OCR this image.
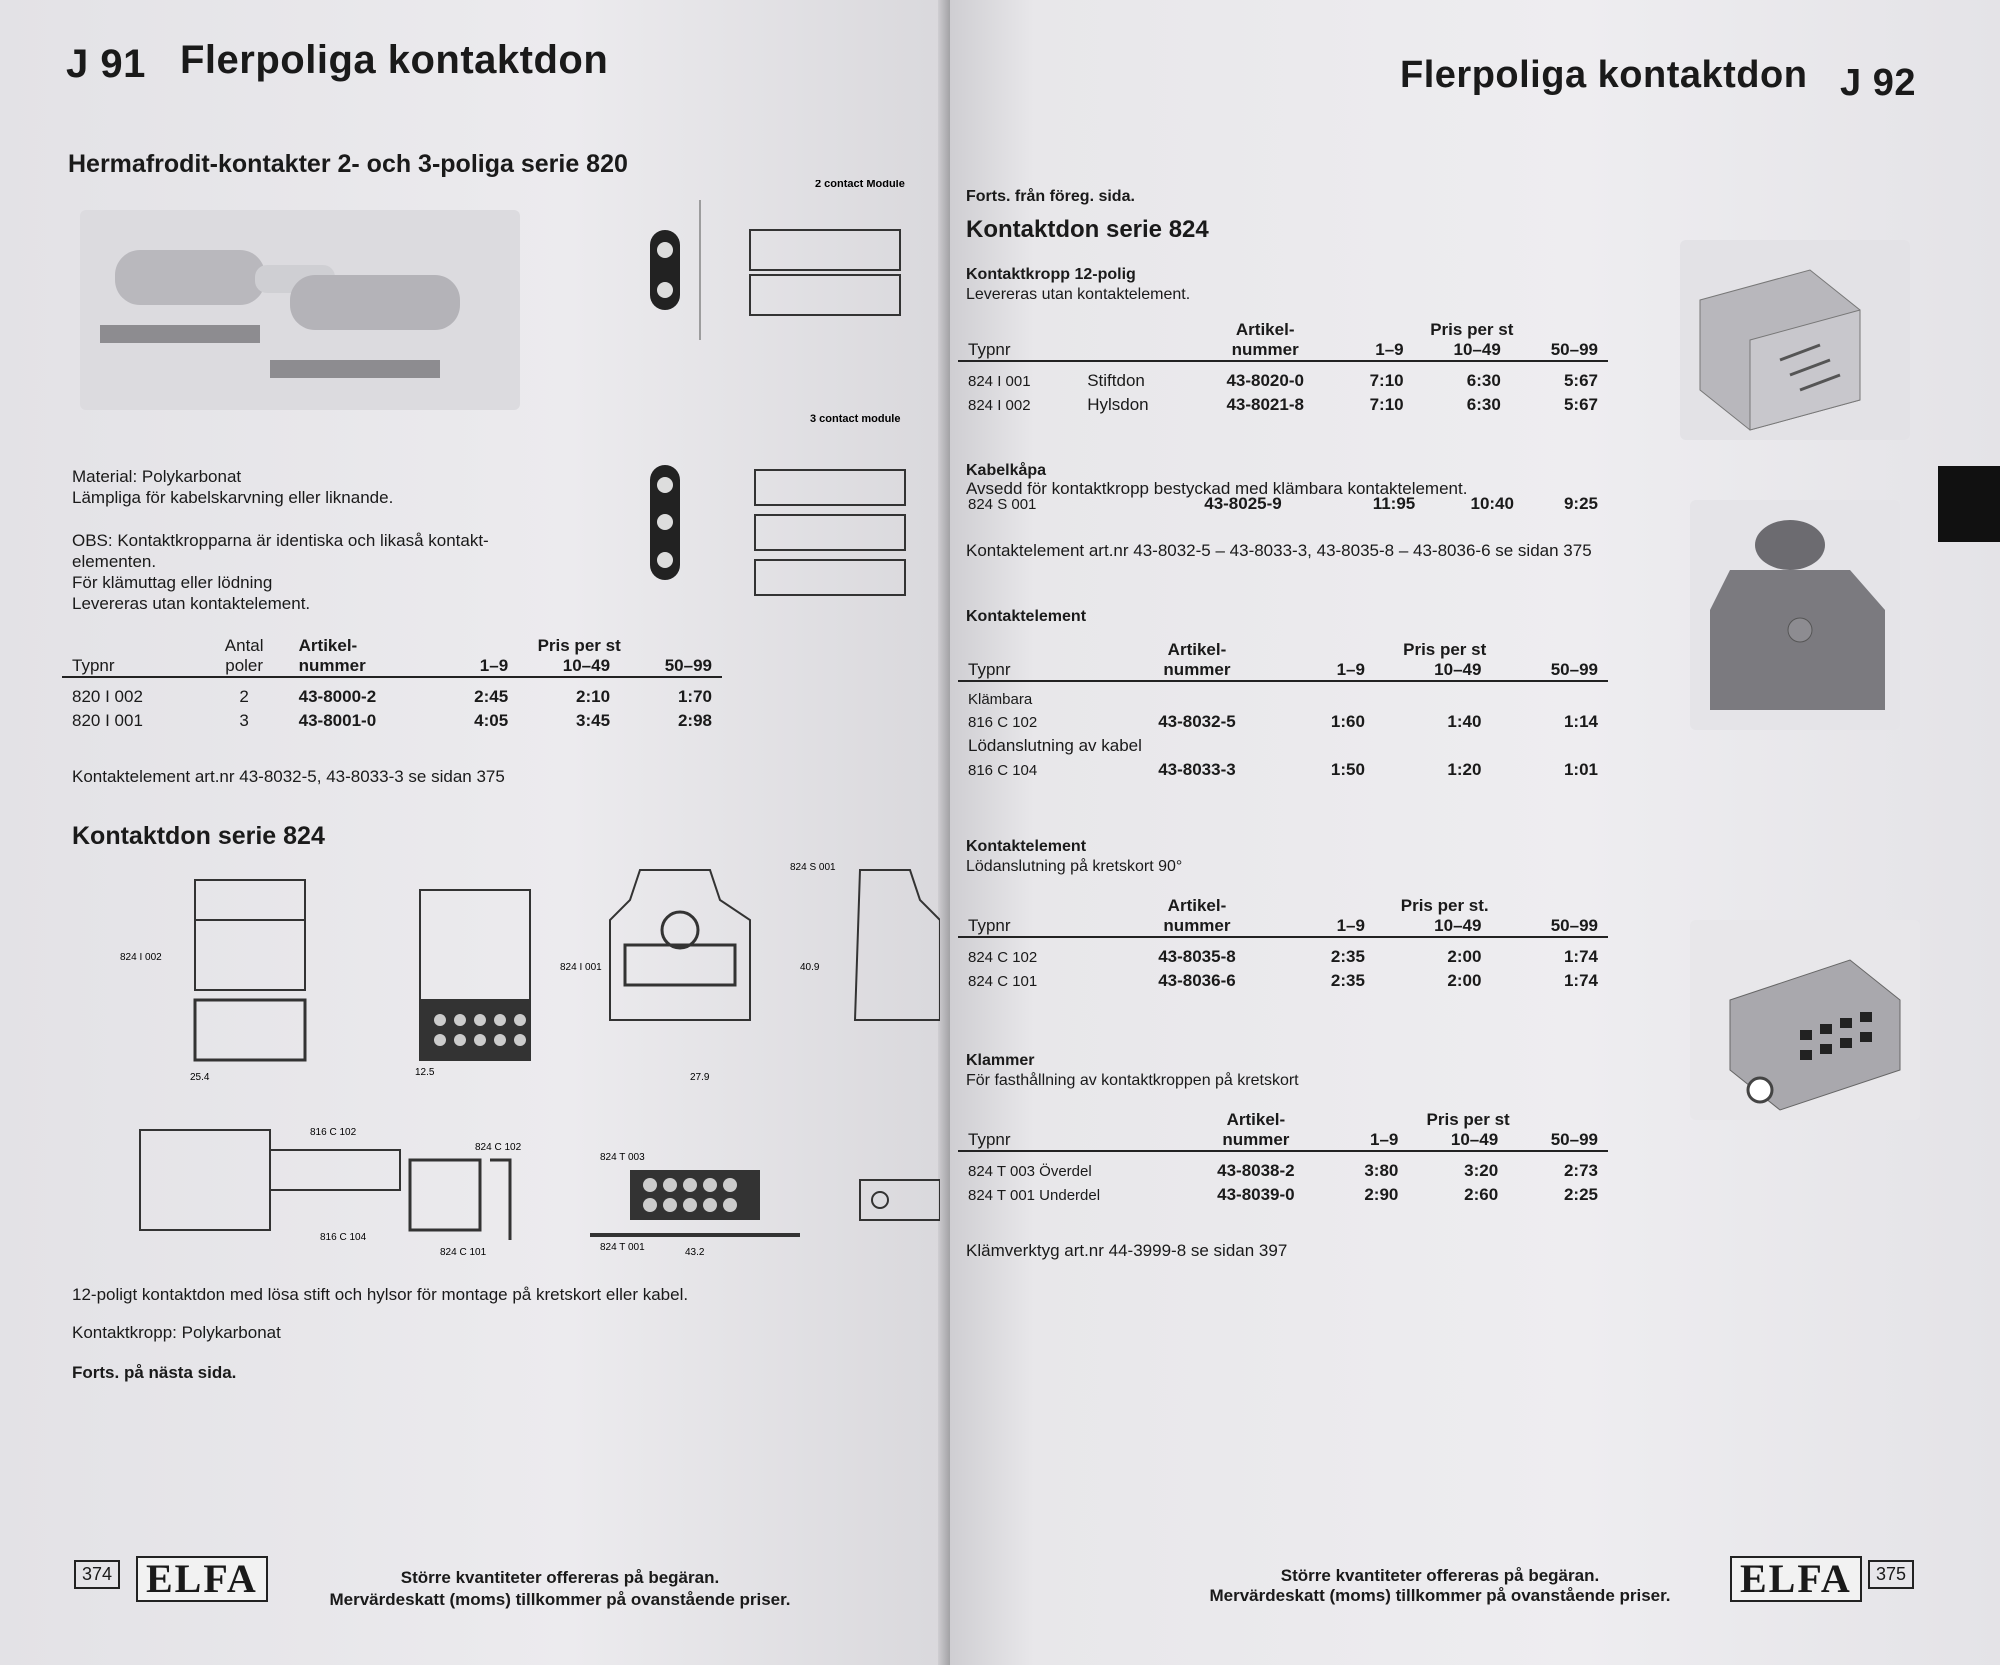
J 91 Flerpoliga kontaktdon
Hermafrodit-kontakter 2- och 3-poliga serie 820
2 contact Module
3 contact module
Material: Polykarbonat
Lämpliga för kabelskarvning eller liknande.
OBS: Kontaktkropparna är identiska och likaså kontakt-
elementen.
För klämuttag eller lödning
Levereras utan kontaktelement.
Typnr	Antal	Artikel-	Pris per st		
	poler	nummer	1–9	10–49	50–99

820 I 002	2	43-8000-2	2:45	2:10	1:70
820 I 001	3	43-8001-0	4:05	3:45	2:98
Kontaktelement art.nr 43-8032-5, 43-8033-3 se sidan 375
Kontaktdon serie 824
824 I 002
25.4
824 I 001
12.5
824 S 001
27.9
40.9
816 C 102
816 C 104
824 C 102
824 C 101
824 T 003
824 T 001	43.2
12-poligt kontaktdon med lösa stift och hylsor för montage på kretskort eller kabel.
Kontaktkropp: Polykarbonat
Forts. på nästa sida.
374 ELFA	Större kvantiteter offereras på begäran.
Mervärdeskatt (moms) tillkommer på ovanstående priser.
Flerpoliga kontaktdon J 92
Forts. från föreg. sida.
Kontaktdon serie 824
Kontaktkropp 12-polig
Levereras utan kontaktelement.
Typnr		Artikel-	Pris per st		
		nummer	1–9	10–49	50–99

824 I 001	Stiftdon	43-8020-0	7:10	6:30	5:67
824 I 002	Hylsdon	43-8021-8	7:10	6:30	5:67
Kabelkåpa
Avsedd för kontaktkropp bestyckad med klämbara kontaktelement.
824 S 001	43-8025-9	11:95	10:40	9:25
Kontaktelement art.nr 43-8032-5 – 43-8033-3, 43-8035-8 – 43-8036-6 se sidan 375
Kontaktelement
Typnr	Artikel-	Pris per st		
	nummer	1–9	10–49	50–99

Klämbara				
816 C 102	43-8032-5	1:60	1:40	1:14
Lödanslutning av kabel				
816 C 104	43-8033-3	1:50	1:20	1:01
Kontaktelement
Lödanslutning på kretskort 90°
Typnr	Artikel-	Pris per st.		
	nummer	1–9	10–49	50–99

824 C 102	43-8035-8	2:35	2:00	1:74
824 C 101	43-8036-6	2:35	2:00	1:74
Klammer
För fasthållning av kontaktkroppen på kretskort
Typnr	Artikel-	Pris per st		
	nummer	1–9	10–49	50–99

824 T 003 Överdel	43-8038-2	3:80	3:20	2:73
824 T 001 Underdel	43-8039-0	2:90	2:60	2:25
Klämverktyg art.nr 44-3999-8 se sidan 397
Större kvantiteter offereras på begäran.
Mervärdeskatt (moms) tillkommer på ovanstående priser.	ELFA	375
